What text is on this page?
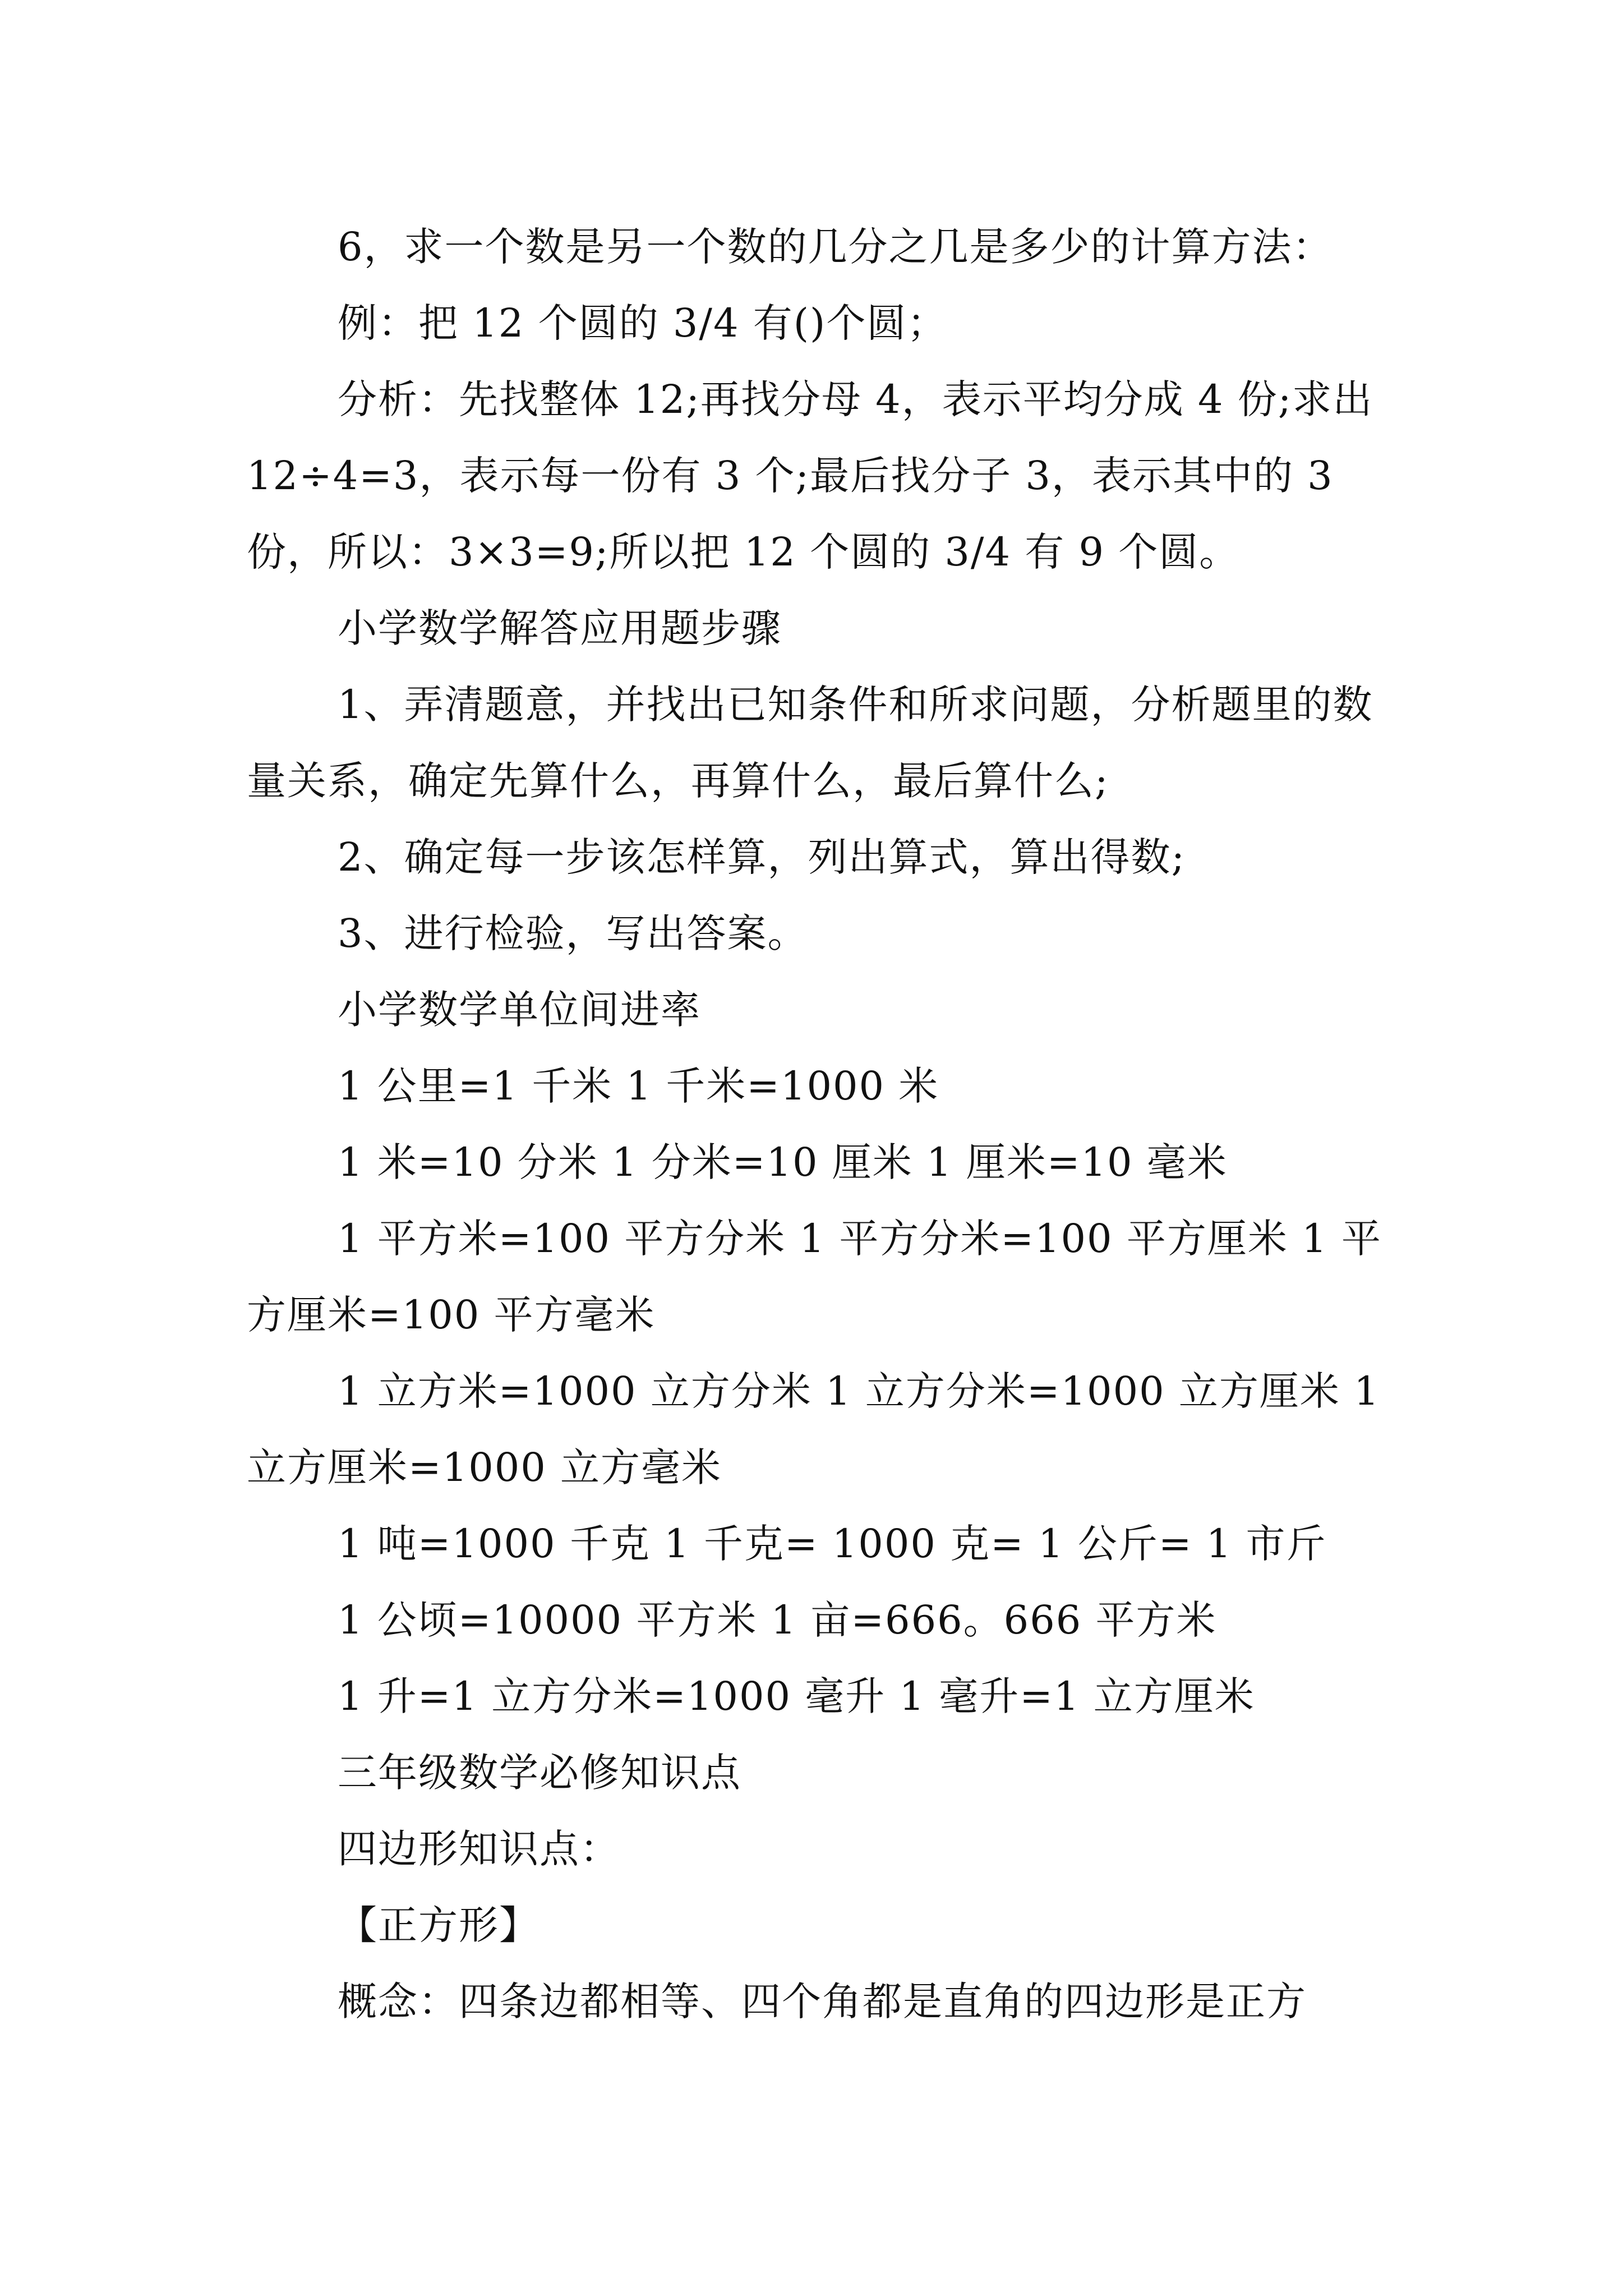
6，求一个数是另一个数的几分之几是多少的计算方法：

例：把 12 个圆的 3/4 有()个圆；

分析：先找整体 12;再找分母 4，表示平均分成 4 份;求出 12÷4=3，表示每一份有 3 个;最后找分子 3，表示其中的 3 份，所以：3×3=9;所以把 12 个圆的 3/4 有 9 个圆。

小学数学解答应用题步骤

1、弄清题意，并找出已知条件和所求问题，分析题里的数量关系，确定先算什么，再算什么，最后算什么;

2、确定每一步该怎样算，列出算式，算出得数;

3、进行检验，写出答案。

小学数学单位间进率

1 公里=1 千米 1 千米=1000 米

1 米=10 分米 1 分米=10 厘米 1 厘米=10 毫米

1 平方米=100 平方分米 1 平方分米=100 平方厘米 1 平方厘米=100 平方毫米

1 立方米=1000 立方分米 1 立方分米=1000 立方厘米 1 立方厘米=1000 立方毫米

1 吨=1000 千克 1 千克= 1000 克= 1 公斤= 1 市斤

1 公顷=10000 平方米 1 亩=666。666 平方米

1 升=1 立方分米=1000 毫升 1 毫升=1 立方厘米

三年级数学必修知识点

四边形知识点：

【正方形】

概念：四条边都相等、四个角都是直角的四边形是正方
